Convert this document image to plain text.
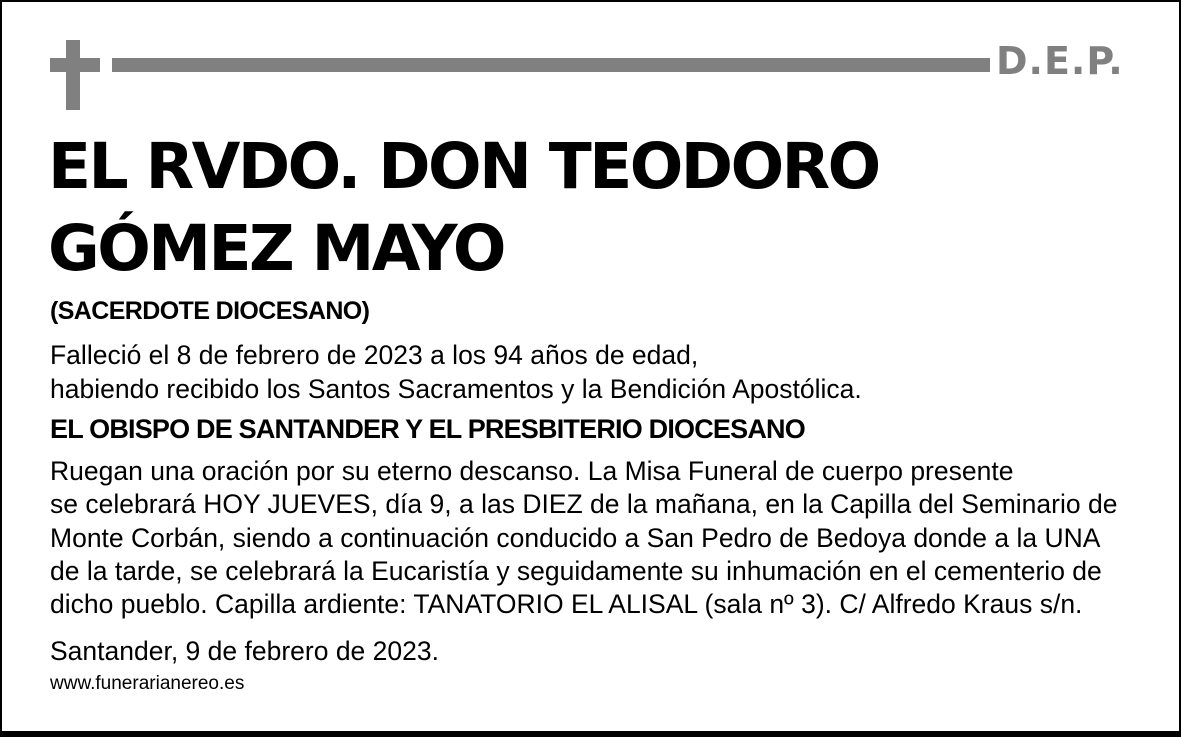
D.E.P.
EL RVDO. DON TEODORO
GÓMEZ MAYO
(SACERDOTE DIOCESANO)
Falleció el 8 de febrero de 2023 a los 94 años de edad,
habiendo recibido los Santos Sacramentos y la Bendición Apostólica.
EL OBISPO DE SANTANDER Y EL PRESBITERIO DIOCESANO
Ruegan una oración por su eterno descanso. La Misa Funeral de cuerpo presente
se celebrará HOY JUEVES, día 9, a las DIEZ de la mañana, en la Capilla del Seminario de
Monte Corbán, siendo a continuación conducido a San Pedro de Bedoya donde a la UNA
de la tarde, se celebrará la Eucaristía y seguidamente su inhumación en el cementerio de
dicho pueblo. Capilla ardiente: TANATORIO EL ALISAL (sala nº 3). C/ Alfredo Kraus s/n.
Santander, 9 de febrero de 2023.
www.funerarianereo.es
